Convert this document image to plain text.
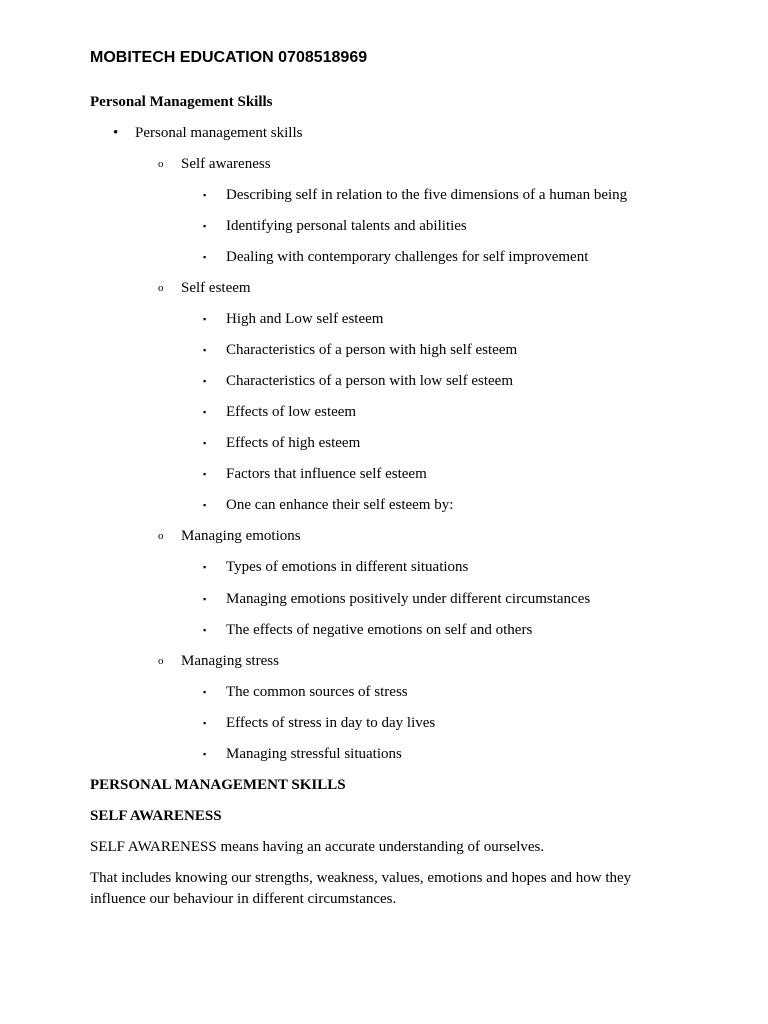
MOBITECH EDUCATION 0708518969
Personal Management Skills
• Personal management skills
o Self awareness
▪ Describing self in relation to the five dimensions of a human being
▪ Identifying personal talents and abilities
▪ Dealing with contemporary challenges for self improvement
o Self esteem
▪ High and Low self esteem
▪ Characteristics of a person with high self esteem
▪ Characteristics of a person with low self esteem
▪ Effects of low esteem
▪ Effects of high esteem
▪ Factors that influence self esteem
▪ One can enhance their self esteem by:
o Managing emotions
▪ Types of emotions in different situations
▪ Managing emotions positively under different circumstances
▪ The effects of negative emotions on self and others
o Managing stress
▪ The common sources of stress
▪ Effects of stress in day to day lives
▪ Managing stressful situations
PERSONAL MANAGEMENT SKILLS
SELF AWARENESS
SELF AWARENESS means having an accurate understanding of ourselves.
That includes knowing our strengths, weakness, values, emotions and hopes and how they influence our behaviour in different circumstances.
